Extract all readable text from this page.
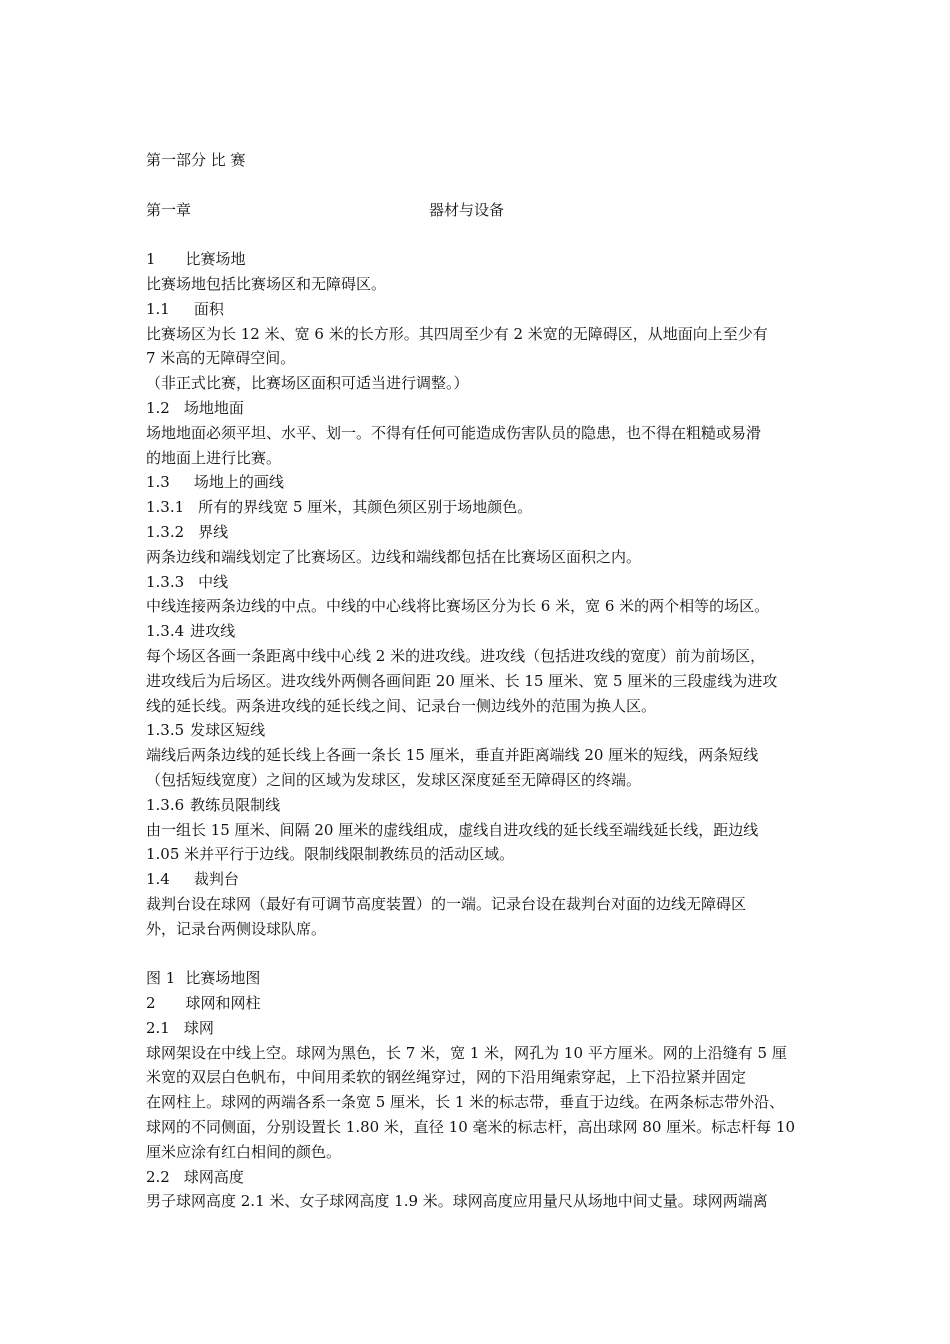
第一部分 比 赛

第一章	器材与设备

1 比赛场地

比赛场地包括比赛场区和无障碍区。

1.1 面积

比赛场区为长 12 米、宽 6 米的长方形。其四周至少有 2 米宽的无障碍区，从地面向上至少有

7 米高的无障碍空间。

（非正式比赛，比赛场区面积可适当进行调整。）

1.2 场地地面

场地地面必须平坦、水平、划一。不得有任何可能造成伤害队员的隐患，也不得在粗糙或易滑

的地面上进行比赛。

1.3 场地上的画线

1.3.1 所有的界线宽 5 厘米，其颜色须区别于场地颜色。

1.3.2 界线

两条边线和端线划定了比赛场区。边线和端线都包括在比赛场区面积之内。

1.3.3 中线

中线连接两条边线的中点。中线的中心线将比赛场区分为长 6 米，宽 6 米的两个相等的场区。

1.3.4 进攻线

每个场区各画一条距离中线中心线 2 米的进攻线。进攻线（包括进攻线的宽度）前为前场区，

进攻线后为后场区。进攻线外两侧各画间距 20 厘米、长 15 厘米、宽 5 厘米的三段虚线为进攻

线的延长线。两条进攻线的延长线之间、记录台一侧边线外的范围为换人区。

1.3.5 发球区短线

端线后两条边线的延长线上各画一条长 15 厘米，垂直并距离端线 20 厘米的短线，两条短线

（包括短线宽度）之间的区域为发球区，发球区深度延至无障碍区的终端。

1.3.6 教练员限制线

由一组长 15 厘米、间隔 20 厘米的虚线组成，虚线自进攻线的延长线至端线延长线，距边线

1.05 米并平行于边线。限制线限制教练员的活动区域。

1.4 裁判台

裁判台设在球网（最好有可调节高度装置）的一端。记录台设在裁判台对面的边线无障碍区

外，记录台两侧设球队席。

图 1 比赛场地图

2 球网和网柱

2.1 球网

球网架设在中线上空。球网为黑色，长 7 米，宽 1 米，网孔为 10 平方厘米。网的上沿缝有 5 厘

米宽的双层白色帆布，中间用柔软的钢丝绳穿过，网的下沿用绳索穿起，上下沿拉紧并固定

在网柱上。球网的两端各系一条宽 5 厘米，长 1 米的标志带，垂直于边线。在两条标志带外沿、

球网的不同侧面，分别设置长 1.80 米，直径 10 毫米的标志杆，高出球网 80 厘米。标志杆每 10

厘米应涂有红白相间的颜色。

2.2 球网高度

男子球网高度 2.1 米、女子球网高度 1.9 米。球网高度应用量尺从场地中间丈量。球网两端离
